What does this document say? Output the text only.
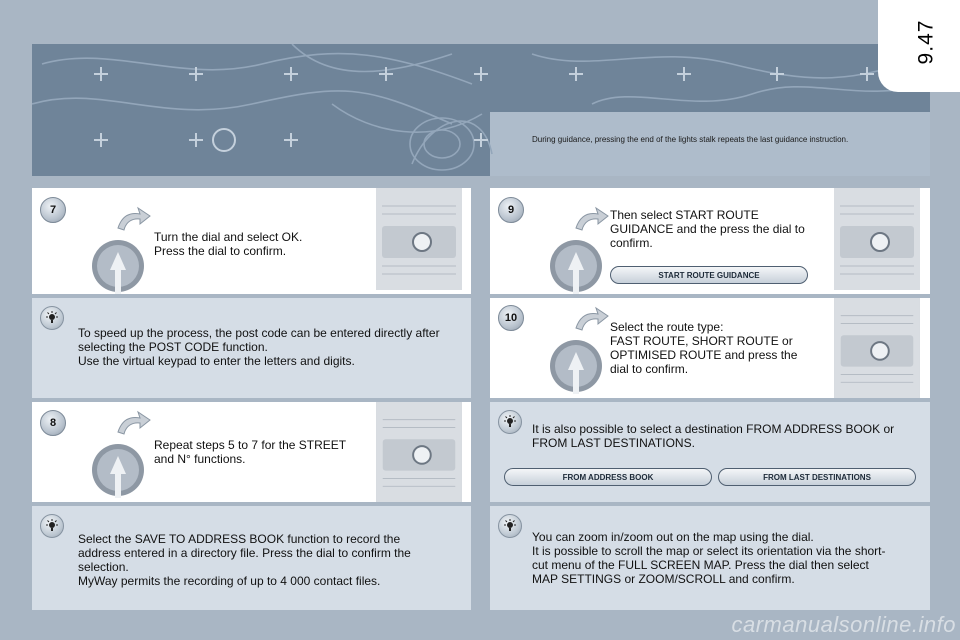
9.47
During guidance, pressing the end of the lights stalk repeats the last guidance instruction.
7
Turn the dial and select OK.
Press the dial to confirm.
To speed up the process, the post code can be entered directly after
selecting the POST CODE function.
Use the virtual keypad to enter the letters and digits.
8
Repeat steps 5 to 7 for the STREET
and N° functions.
Select the SAVE TO ADDRESS BOOK function to record the
address entered in a directory file. Press the dial to confirm the
selection.
MyWay permits the recording of up to 4 000 contact files.
9	Then select START ROUTE
GUIDANCE and the press the dial to
confirm.
START ROUTE GUIDANCE
10
Select the route type:
FAST ROUTE, SHORT ROUTE or
OPTIMISED ROUTE and press the
dial to confirm.
It is also possible to select a destination FROM ADDRESS BOOK or
FROM LAST DESTINATIONS.
FROM ADDRESS BOOK	FROM LAST DESTINATIONS
You can zoom in/zoom out on the map using the dial.
It is possible to scroll the map or select its orientation via the short-
cut menu of the FULL SCREEN MAP. Press the dial then select
MAP SETTINGS or ZOOM/SCROLL and confirm.
carmanualsonline.info
